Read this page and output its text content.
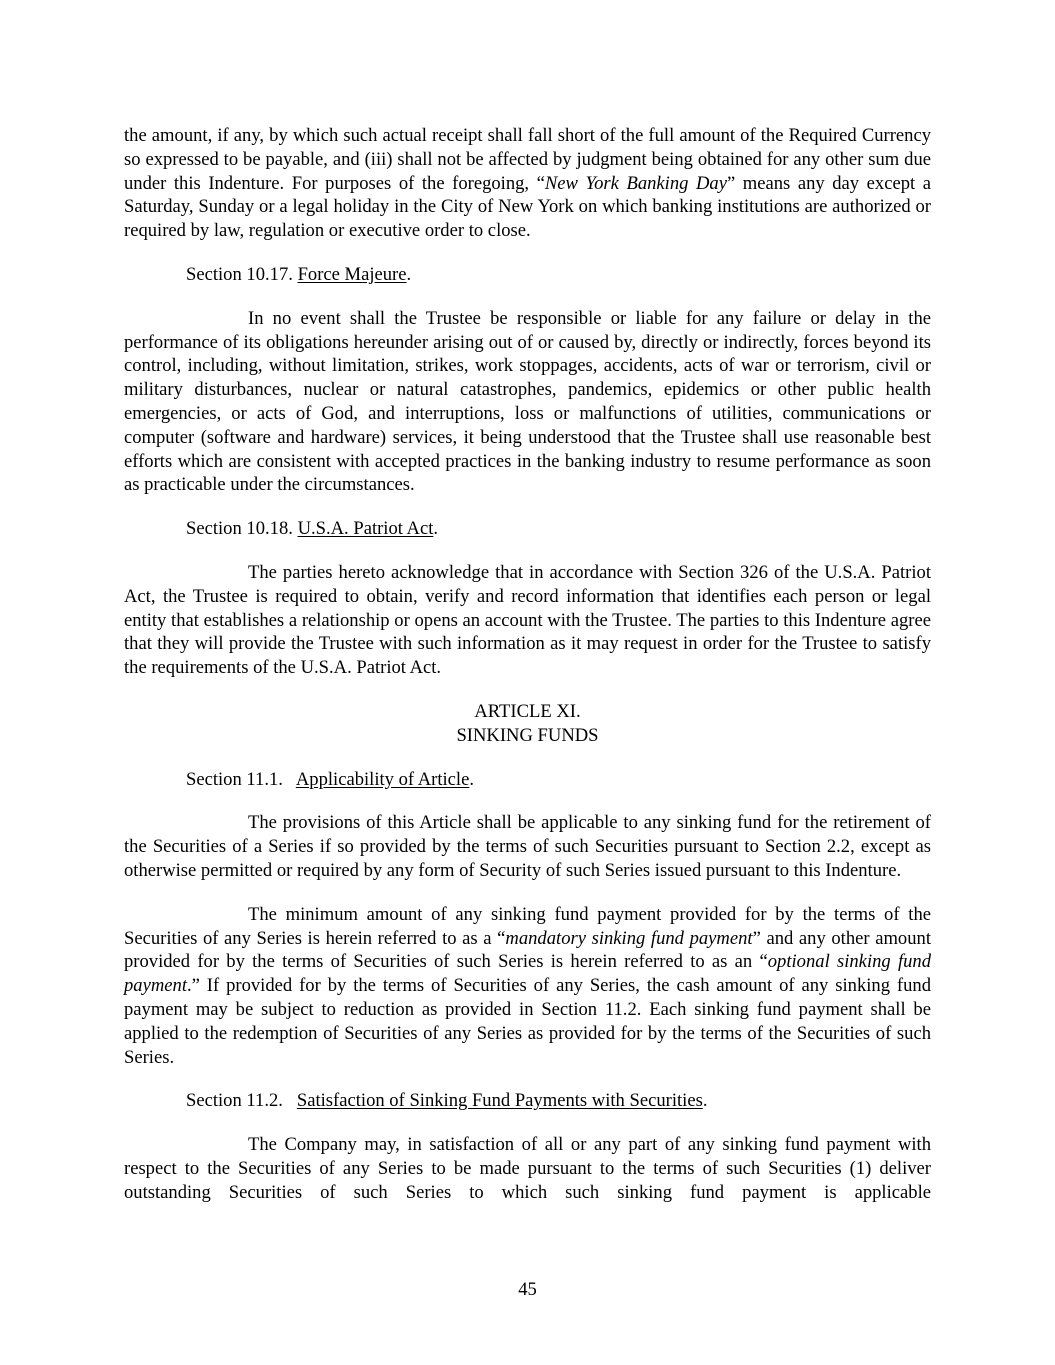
the amount, if any, by which such actual receipt shall fall short of the full amount of the Required Currency so expressed to be payable, and (iii) shall not be affected by judgment being obtained for any other sum due under this Indenture. For purposes of the foregoing, “New York Banking Day” means any day except a Saturday, Sunday or a legal holiday in the City of New York on which banking institutions are authorized or required by law, regulation or executive order to close.

Section 10.17. Force Majeure.

In no event shall the Trustee be responsible or liable for any failure or delay in the performance of its obligations hereunder arising out of or caused by, directly or indirectly, forces beyond its control, including, without limitation, strikes, work stoppages, accidents, acts of war or terrorism, civil or military disturbances, nuclear or natural catastrophes, pandemics, epidemics or other public health emergencies, or acts of God, and interruptions, loss or malfunctions of utilities, communications or computer (software and hardware) services, it being understood that the Trustee shall use reasonable best efforts which are consistent with accepted practices in the banking industry to resume performance as soon as practicable under the circumstances.

Section 10.18. U.S.A. Patriot Act.

The parties hereto acknowledge that in accordance with Section 326 of the U.S.A. Patriot Act, the Trustee is required to obtain, verify and record information that identifies each person or legal entity that establishes a relationship or opens an account with the Trustee. The parties to this Indenture agree that they will provide the Trustee with such information as it may request in order for the Trustee to satisfy the requirements of the U.S.A. Patriot Act.

ARTICLE XI.

SINKING FUNDS

Section 11.1.   Applicability of Article.

The provisions of this Article shall be applicable to any sinking fund for the retirement of the Securities of a Series if so provided by the terms of such Securities pursuant to Section 2.2, except as otherwise permitted or required by any form of Security of such Series issued pursuant to this Indenture.

The minimum amount of any sinking fund payment provided for by the terms of the Securities of any Series is herein referred to as a “mandatory sinking fund payment” and any other amount provided for by the terms of Securities of such Series is herein referred to as an “optional sinking fund payment.” If provided for by the terms of Securities of any Series, the cash amount of any sinking fund payment may be subject to reduction as provided in Section 11.2. Each sinking fund payment shall be applied to the redemption of Securities of any Series as provided for by the terms of the Securities of such Series.

Section 11.2.   Satisfaction of Sinking Fund Payments with Securities.

The Company may, in satisfaction of all or any part of any sinking fund payment with respect to the Securities of any Series to be made pursuant to the terms of such Securities (1) deliver outstanding Securities of such Series to which such sinking fund payment is applicable

45
